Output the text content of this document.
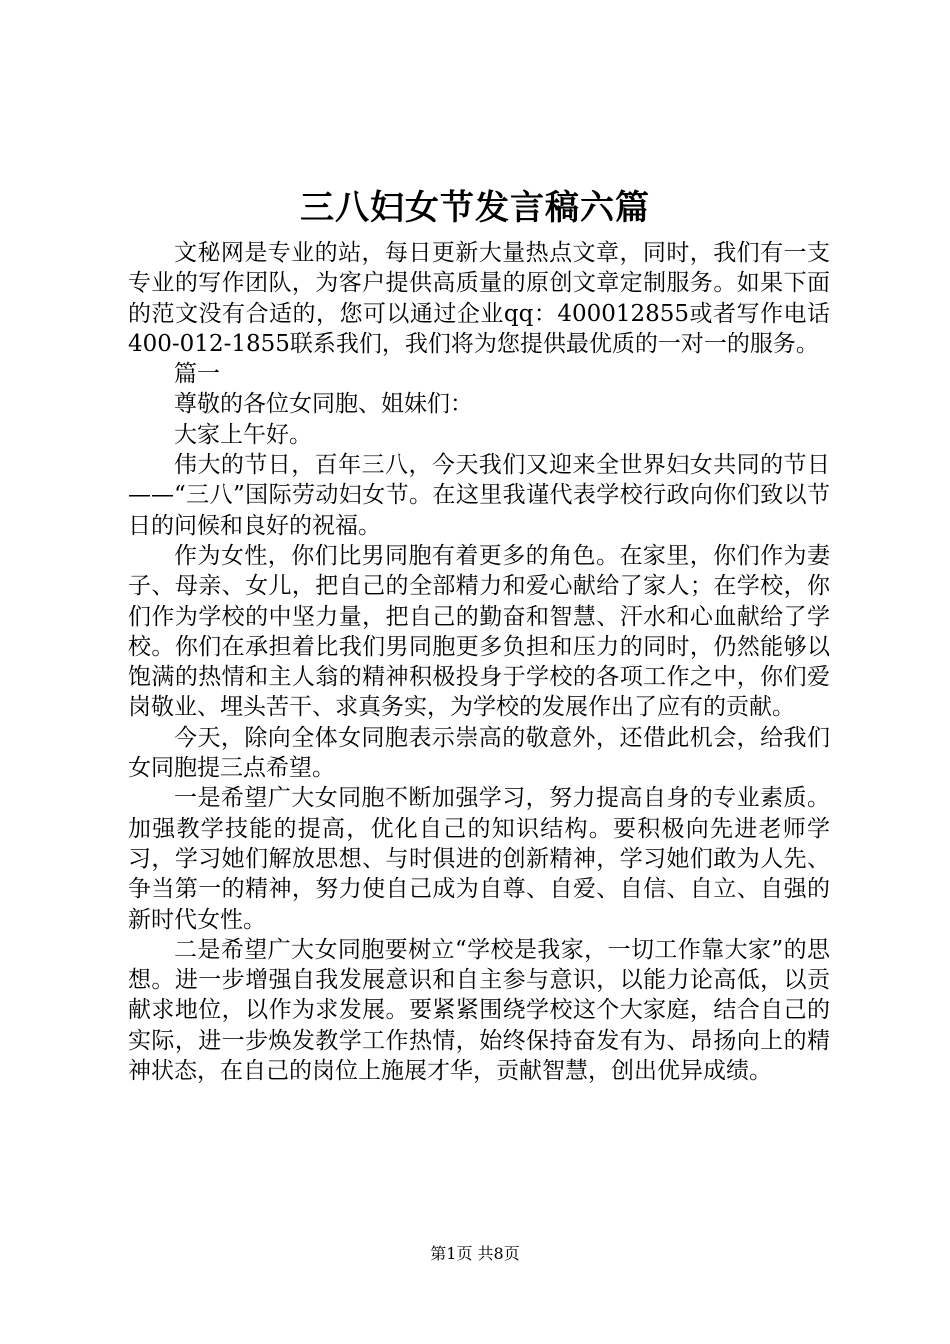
三八妇女节发言稿六篇

文秘网是专业的站，每日更新大量热点文章，同时，我们有一支专业的写作团队，为客户提供高质量的原创文章定制服务。如果下面的范文没有合适的，您可以通过企业qq：400012855或者写作电话400-012-1855联系我们，我们将为您提供最优质的一对一的服务。

篇一

尊敬的各位女同胞、姐妹们：

大家上午好。

伟大的节日，百年三八，今天我们又迎来全世界妇女共同的节日——“三八”国际劳动妇女节。在这里我谨代表学校行政向你们致以节日的问候和良好的祝福。

作为女性，你们比男同胞有着更多的角色。在家里，你们作为妻子、母亲、女儿，把自己的全部精力和爱心献给了家人；在学校，你们作为学校的中坚力量，把自己的勤奋和智慧、汗水和心血献给了学校。你们在承担着比我们男同胞更多负担和压力的同时，仍然能够以饱满的热情和主人翁的精神积极投身于学校的各项工作之中，你们爱岗敬业、埋头苦干、求真务实，为学校的发展作出了应有的贡献。

今天，除向全体女同胞表示崇高的敬意外，还借此机会，给我们女同胞提三点希望。

一是希望广大女同胞不断加强学习，努力提高自身的专业素质。加强教学技能的提高，优化自己的知识结构。要积极向先进老师学习，学习她们解放思想、与时俱进的创新精神，学习她们敢为人先、争当第一的精神，努力使自己成为自尊、自爱、自信、自立、自强的新时代女性。

二是希望广大女同胞要树立“学校是我家，一切工作靠大家”的思想。进一步增强自我发展意识和自主参与意识，以能力论高低，以贡献求地位，以作为求发展。要紧紧围绕学校这个大家庭，结合自己的实际，进一步焕发教学工作热情，始终保持奋发有为、昂扬向上的精神状态，在自己的岗位上施展才华，贡献智慧，创出优异成绩。

第1页 共8页
